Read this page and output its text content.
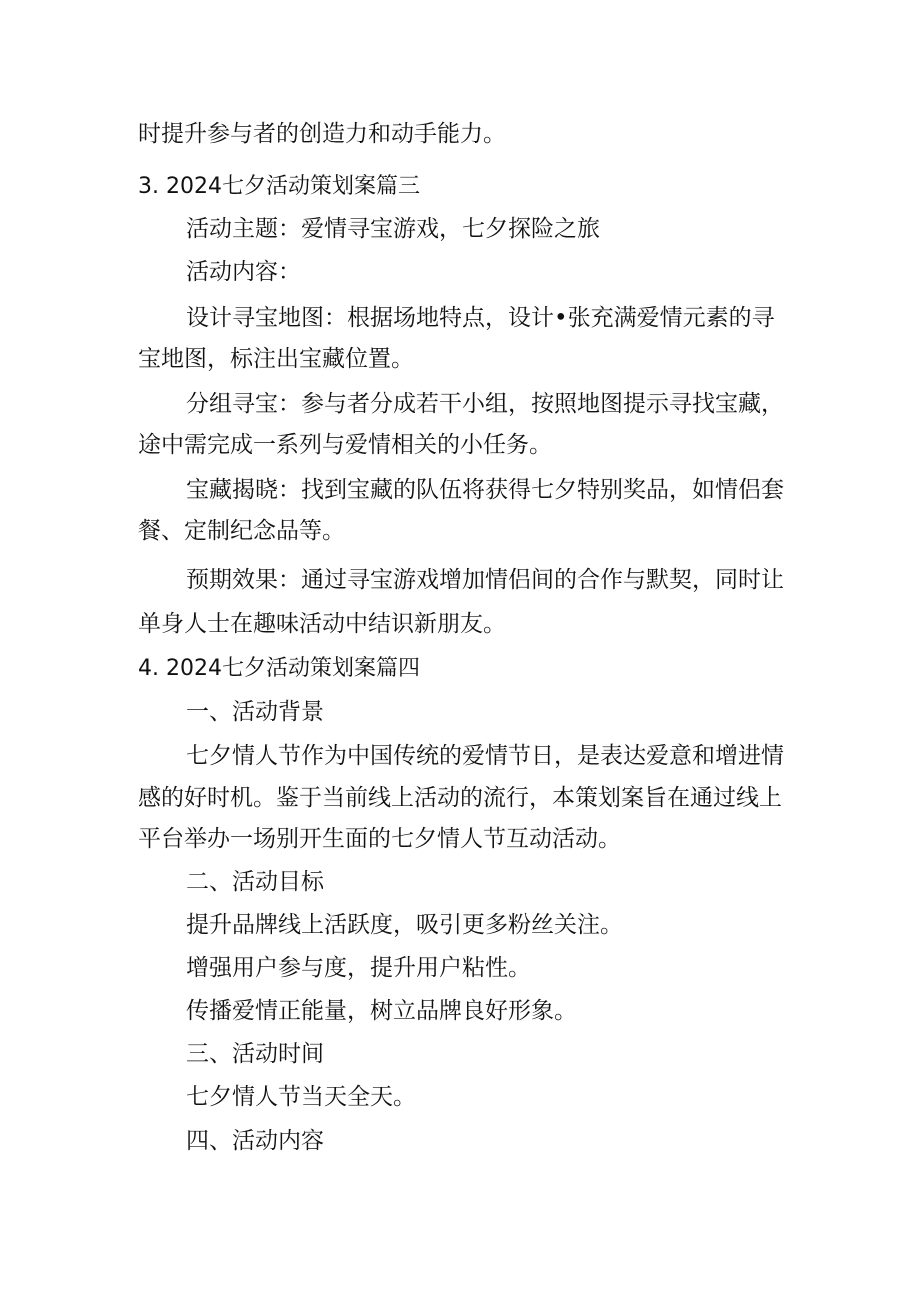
时提升参与者的创造力和动手能力。
3. 2024七夕活动策划案篇三
活动主题：爱情寻宝游戏，七夕探险之旅
活动内容：
设计寻宝地图：根据场地特点，设计•张充满爱情元素的寻
宝地图，标注出宝藏位置。
分组寻宝：参与者分成若干小组，按照地图提示寻找宝藏，
途中需完成一系列与爱情相关的小任务。
宝藏揭晓：找到宝藏的队伍将获得七夕特别奖品，如情侣套
餐、定制纪念品等。
预期效果：通过寻宝游戏增加情侣间的合作与默契，同时让
单身人士在趣味活动中结识新朋友。
4. 2024七夕活动策划案篇四
一、活动背景
七夕情人节作为中国传统的爱情节日，是表达爱意和增进情
感的好时机。鉴于当前线上活动的流行，本策划案旨在通过线上
平台举办一场别开生面的七夕情人节互动活动。
二、活动目标
提升品牌线上活跃度，吸引更多粉丝关注。
增强用户参与度，提升用户粘性。
传播爱情正能量，树立品牌良好形象。
三、活动时间
七夕情人节当天全天。
四、活动内容
